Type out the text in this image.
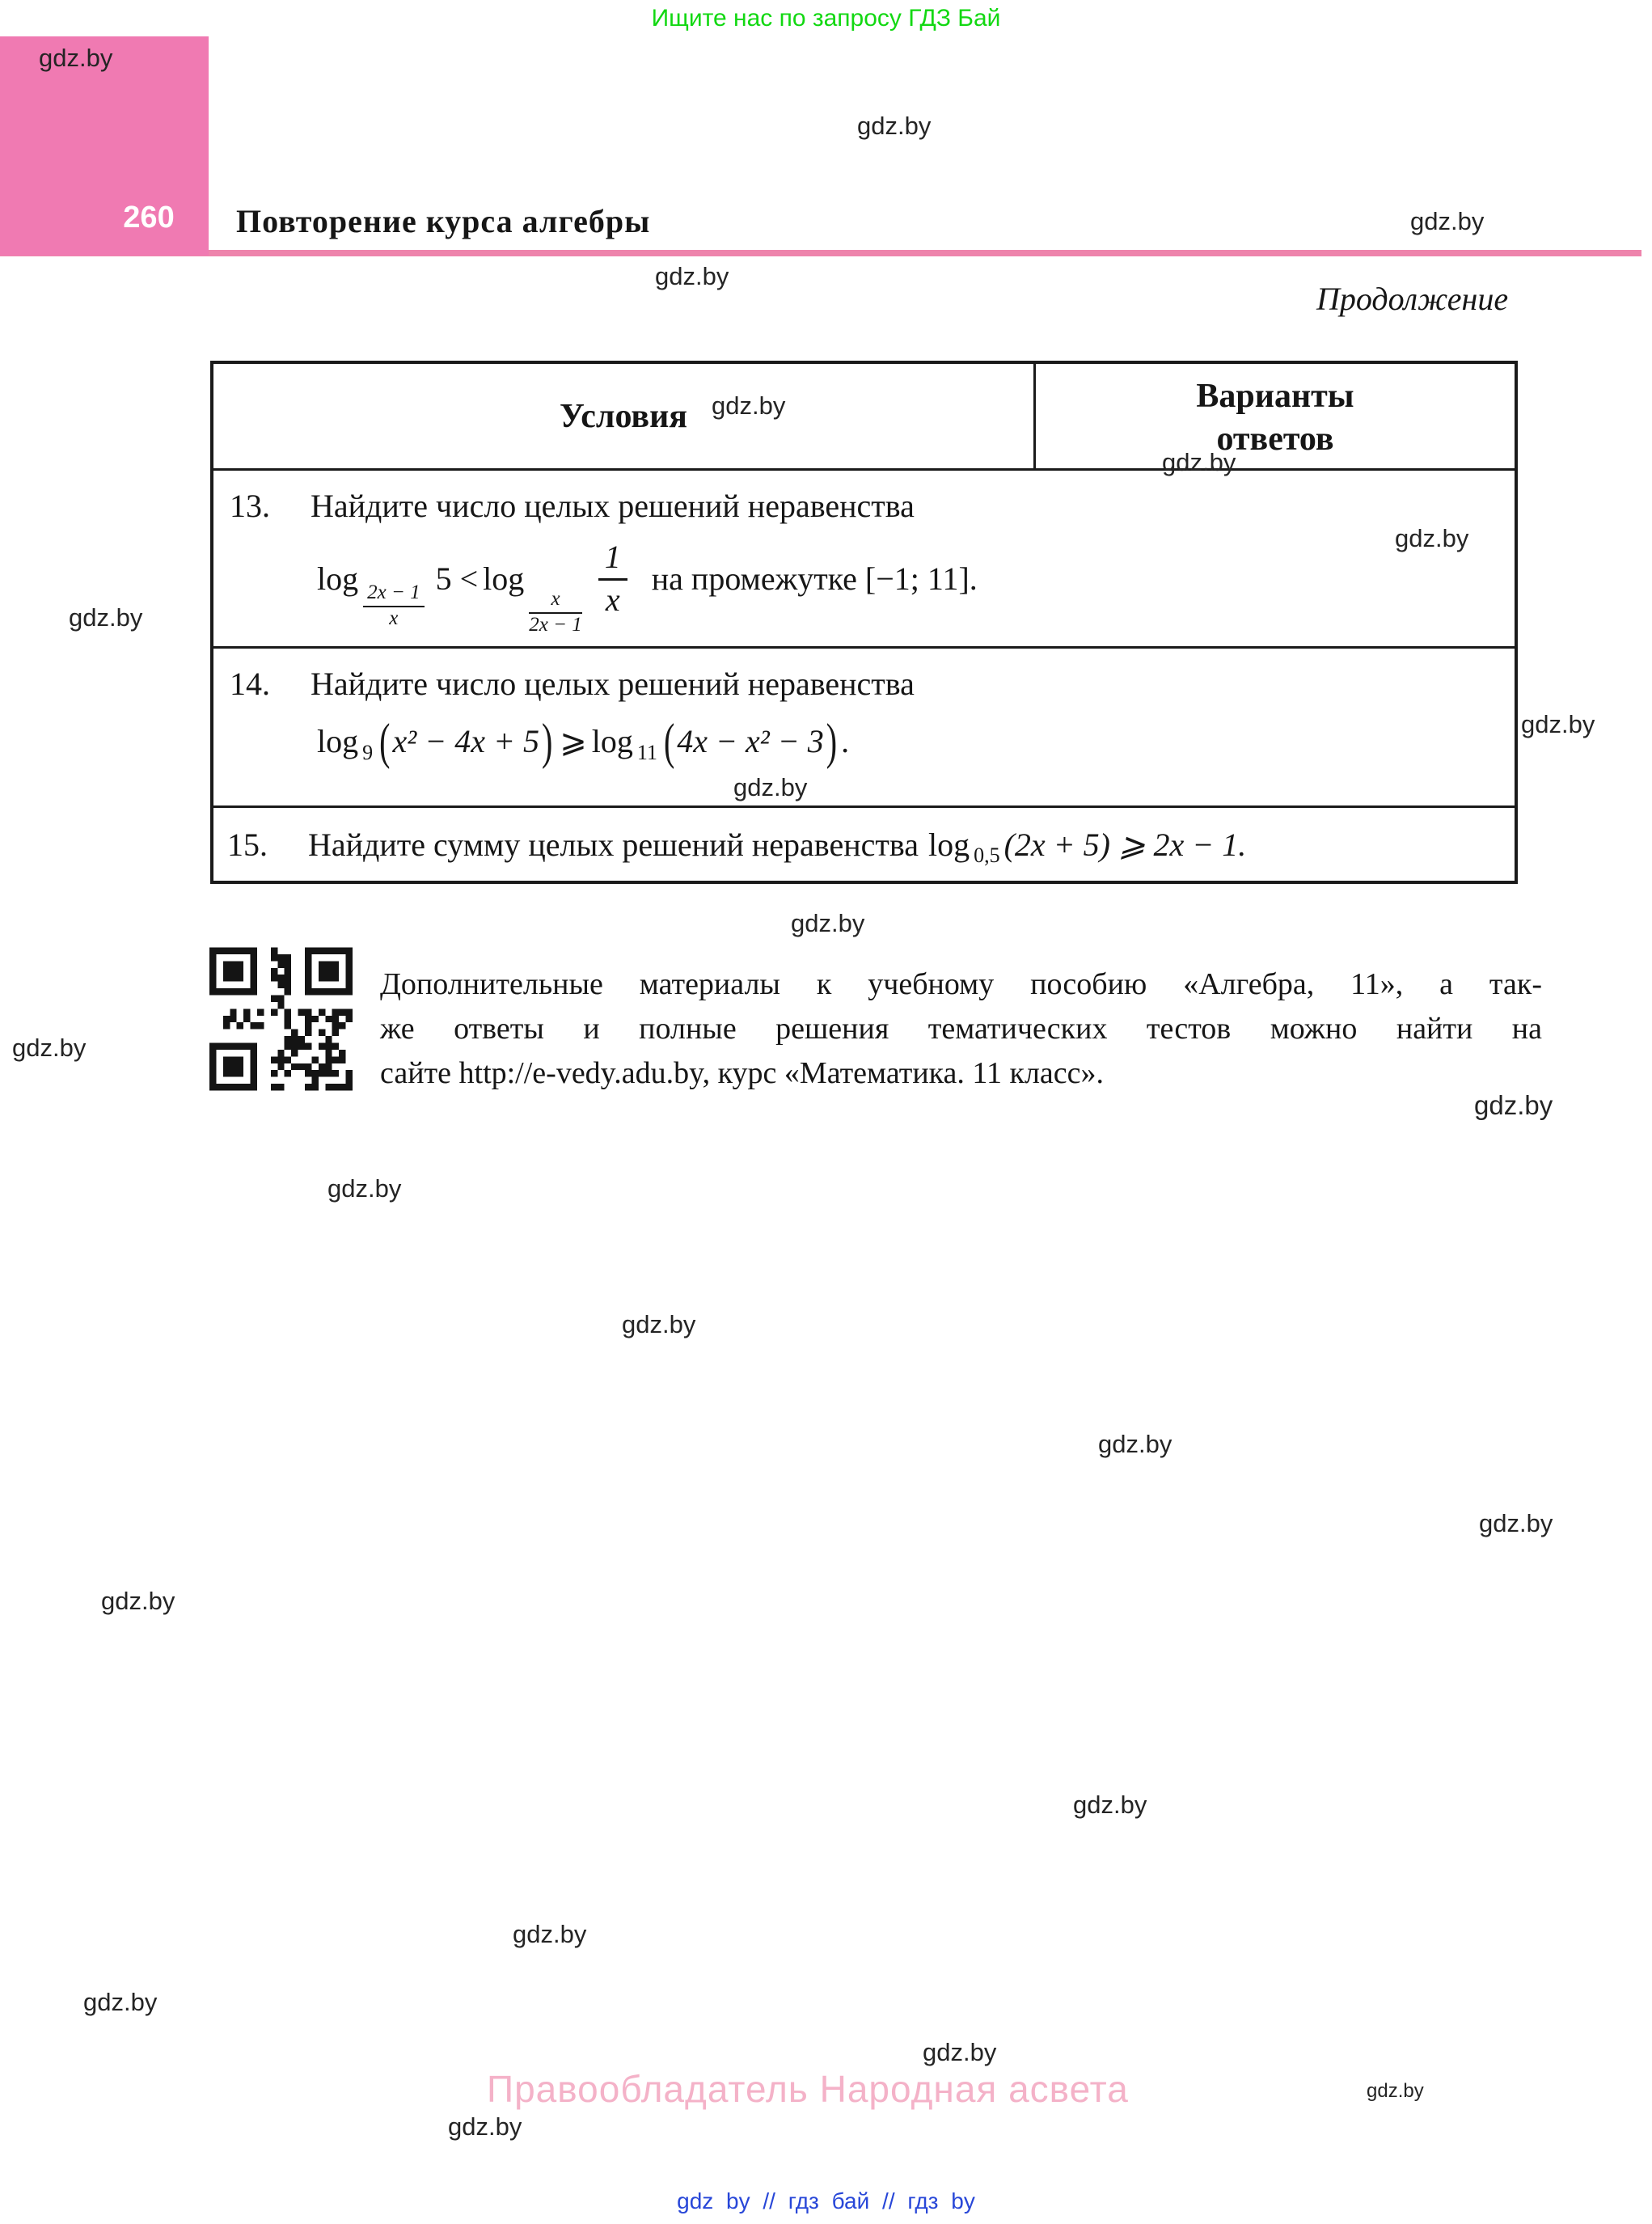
Ищите нас по запросу ГДЗ Бай
260
gdz.by
Повторение курса алгебры
Продолжение
Условия
Варианты
ответов
13. Найдите число целых решений неравенства
log
$\frac{2x - 1}{x}$
5 < log
$\frac{x}{2x - 1} \frac{1}{x}$ на промежутке [−1; 11].
14. Найдите число целых решений неравенства
log 9 ( x² − 4x + 5 ) ⩾ log 11 ( 4x − x² − 3 ) .
15. Найдите сумму целых решений неравенства log 0,5 (2x + 5) ⩾ 2x − 1.
Дополнительные материалы к учебному пособию «Алгебра, 11», а так-
же ответы и полные решения тематических тестов можно найти на
сайте http://e-vedy.adu.by, курс «Математика. 11 класс».
Правообладатель Народная асвета
gdz by // гдз бай // гдз by
gdz.by
gdz.by
gdz.by
gdz.by
gdz.by
gdz.by
gdz.by
gdz.by
gdz.by
gdz.by
gdz.by
gdz.by
gdz.by
gdz.by
gdz.by
gdz.by
gdz.by
gdz.by
gdz.by
gdz.by
gdz.by
gdz.by
gdz.by
